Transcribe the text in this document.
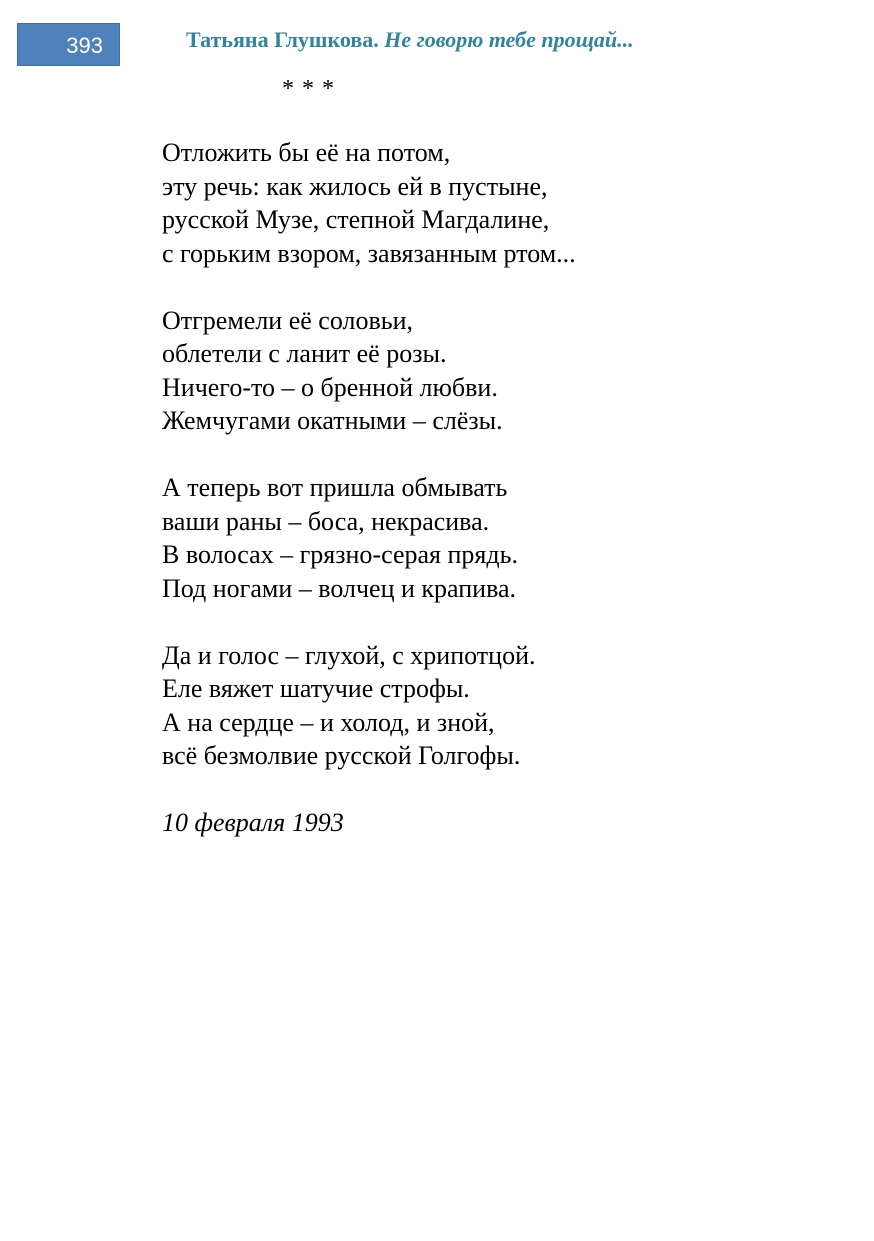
393	Татьяна Глушкова. Не говорю тебе прощай...
* * *
Отложить бы её на потом,
эту речь: как жилось ей в пустыне,
русской Музе, степной Магдалине,
с горьким взором, завязанным ртом...
Отгремели её соловьи,
облетели с ланит её розы.
Ничего-то – о бренной любви.
Жемчугами окатными – слёзы.
А теперь вот пришла обмывать
ваши раны – боса, некрасива.
В волосах – грязно-серая прядь.
Под ногами – волчец и крапива.
Да и голос – глухой, с хрипотцой.
Еле вяжет шатучие строфы.
А на сердце – и холод, и зной,
всё безмолвие русской Голгофы.
10 февраля 1993
